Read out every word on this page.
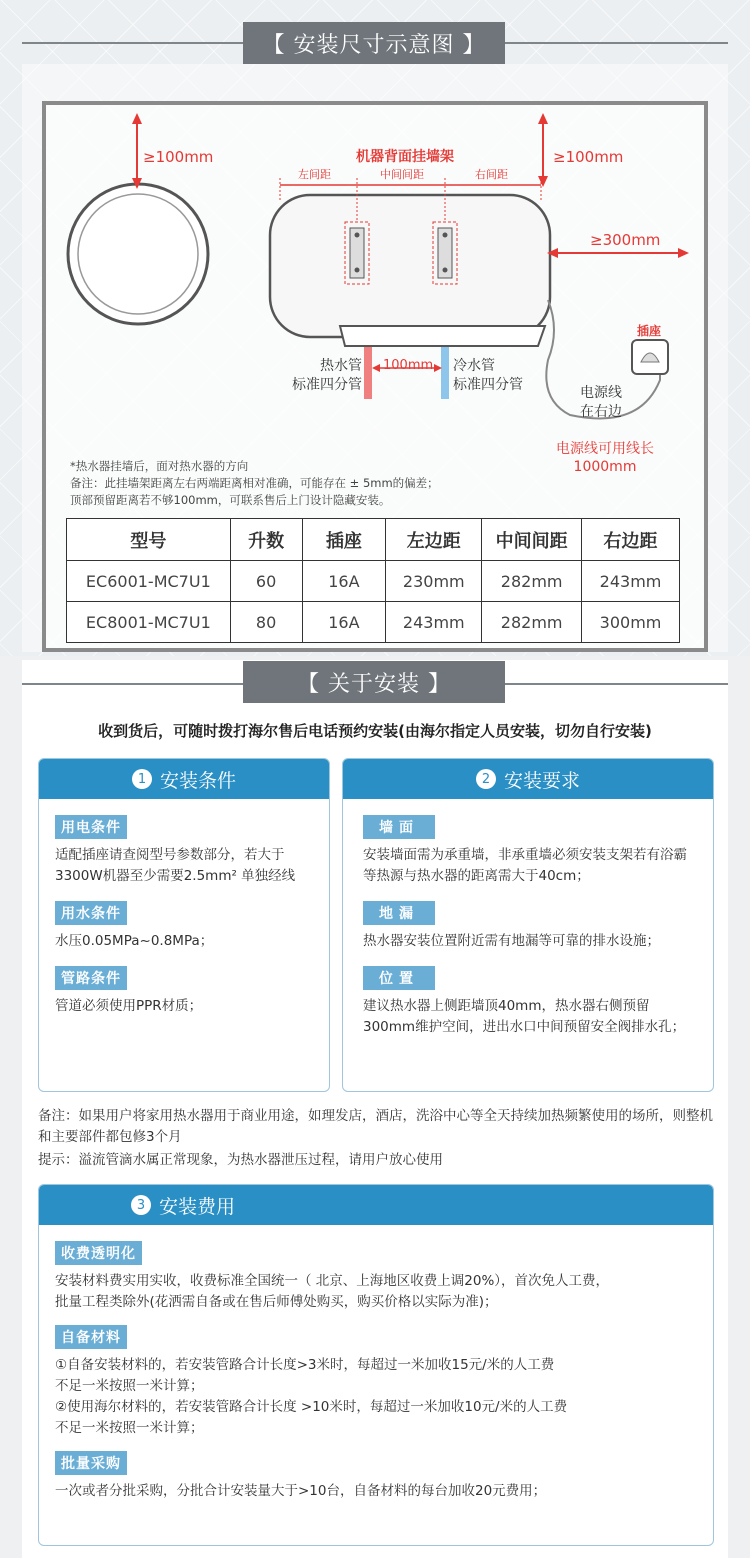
【 安装尺寸示意图 】
≥100mm	≥100mm
机器背面挂墙架
左间距	中间间距	右间距
≥300mm
插座
热水管
标准四分管
100mm 冷水管
标准四分管	电源线
在右边
电源线可用线长
1000mm
*热水器挂墙后，面对热水器的方向
备注：此挂墙架距离左右两端距离相对准确，可能存在 ± 5mm的偏差；
顶部预留距离若不够100mm，可联系售后上门设计隐藏安装。
型号	升数	插座	左边距	中间间距	右边距
EC6001-MC7U1	60	16A	230mm	282mm	243mm
EC8001-MC7U1	80	16A	243mm	282mm	300mm
【 关于安装 】
收到货后，可随时拨打海尔售后电话预约安装(由海尔指定人员安装，切勿自行安装)
1 安装条件
用电条件
适配插座请查阅型号参数部分，若大于3300W机器至少需要2.5mm² 单独经线
用水条件
水压0.05MPa~0.8MPa；
管路条件
管道必须使用PPR材质；
2 安装要求
墙面
安装墙面需为承重墙，非承重墙必须安装支架若有浴霸等热源与热水器的距离需大于40cm；
地漏
热水器安装位置附近需有地漏等可靠的排水设施；
位置
建议热水器上侧距墙顶40mm，热水器右侧预留300mm维护空间，进出水口中间预留安全阀排水孔；
备注：如果用户将家用热水器用于商业用途，如理发店，酒店，洗浴中心等全天持续加热频繁使用的场所，则整机和主要部件都包修3个月
提示：溢流管滴水属正常现象，为热水器泄压过程，请用户放心使用
3 安装费用
收费透明化
安装材料费实用实收，收费标准全国统一（ 北京、上海地区收费上调20%），首次免人工费，
批量工程类除外(花洒需自备或在售后师傅处购买，购买价格以实际为准)；
自备材料
①自备安装材料的，若安装管路合计长度>3米时，每超过一米加收15元/米的人工费
不足一米按照一米计算；
②使用海尔材料的，若安装管路合计长度 >10米时，每超过一米加收10元/米的人工费
不足一米按照一米计算；
批量采购
一次或者分批采购，分批合计安装量大于>10台，自备材料的每台加收20元费用；
